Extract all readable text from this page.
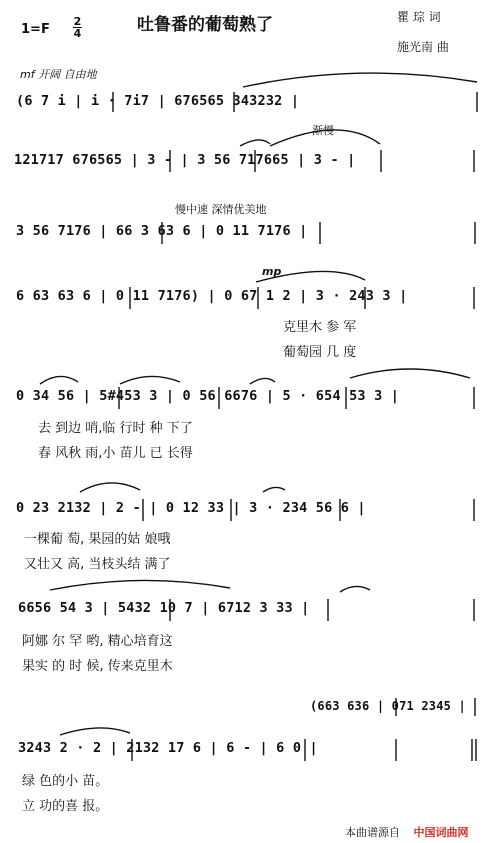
1=F
2
4	吐鲁番的葡萄熟了	瞿 琮 词
施光南 曲
mf 开阔 自由地
渐慢
慢中速 深情优美地
mp
(6 7 i | i · 7i7 | 676565 343232 |
121717 676565 | 3 - | 3 56 717665 | 3 - |
3 56 7176 | 66 3 63 6 | 0 11 7176 |
6 63 63 6 | 0 11 7176) | 0 67 1 2 | 3 · 243 3 |
0 34 56 | 5#453 3 | 0 56 6676 | 5 · 654 53 3 |
0 23 2132 | 2 - | 0 12 33 | 3 · 234 56 6 |
6656 54 3 | 5432 10 7 | 6712 3 33 |
(663 636 | 071 2345 |
3243 2 · 2 | 2132 17 6 | 6 - | 6 0 |
克里木 参 军
葡萄园 几 度
去 到边 哨,临 行时 种 下了
春 风秋 雨,小 苗儿 已 长得
一棵葡 萄, 果园的姑 娘哦
又壮又 高, 当枝头结 满了
阿娜 尔 罕 哟, 精心培育这
果实 的 时 候, 传来克里木
绿 色的小 苗。
立 功的喜 报。
本曲谱源自 中国词曲网
